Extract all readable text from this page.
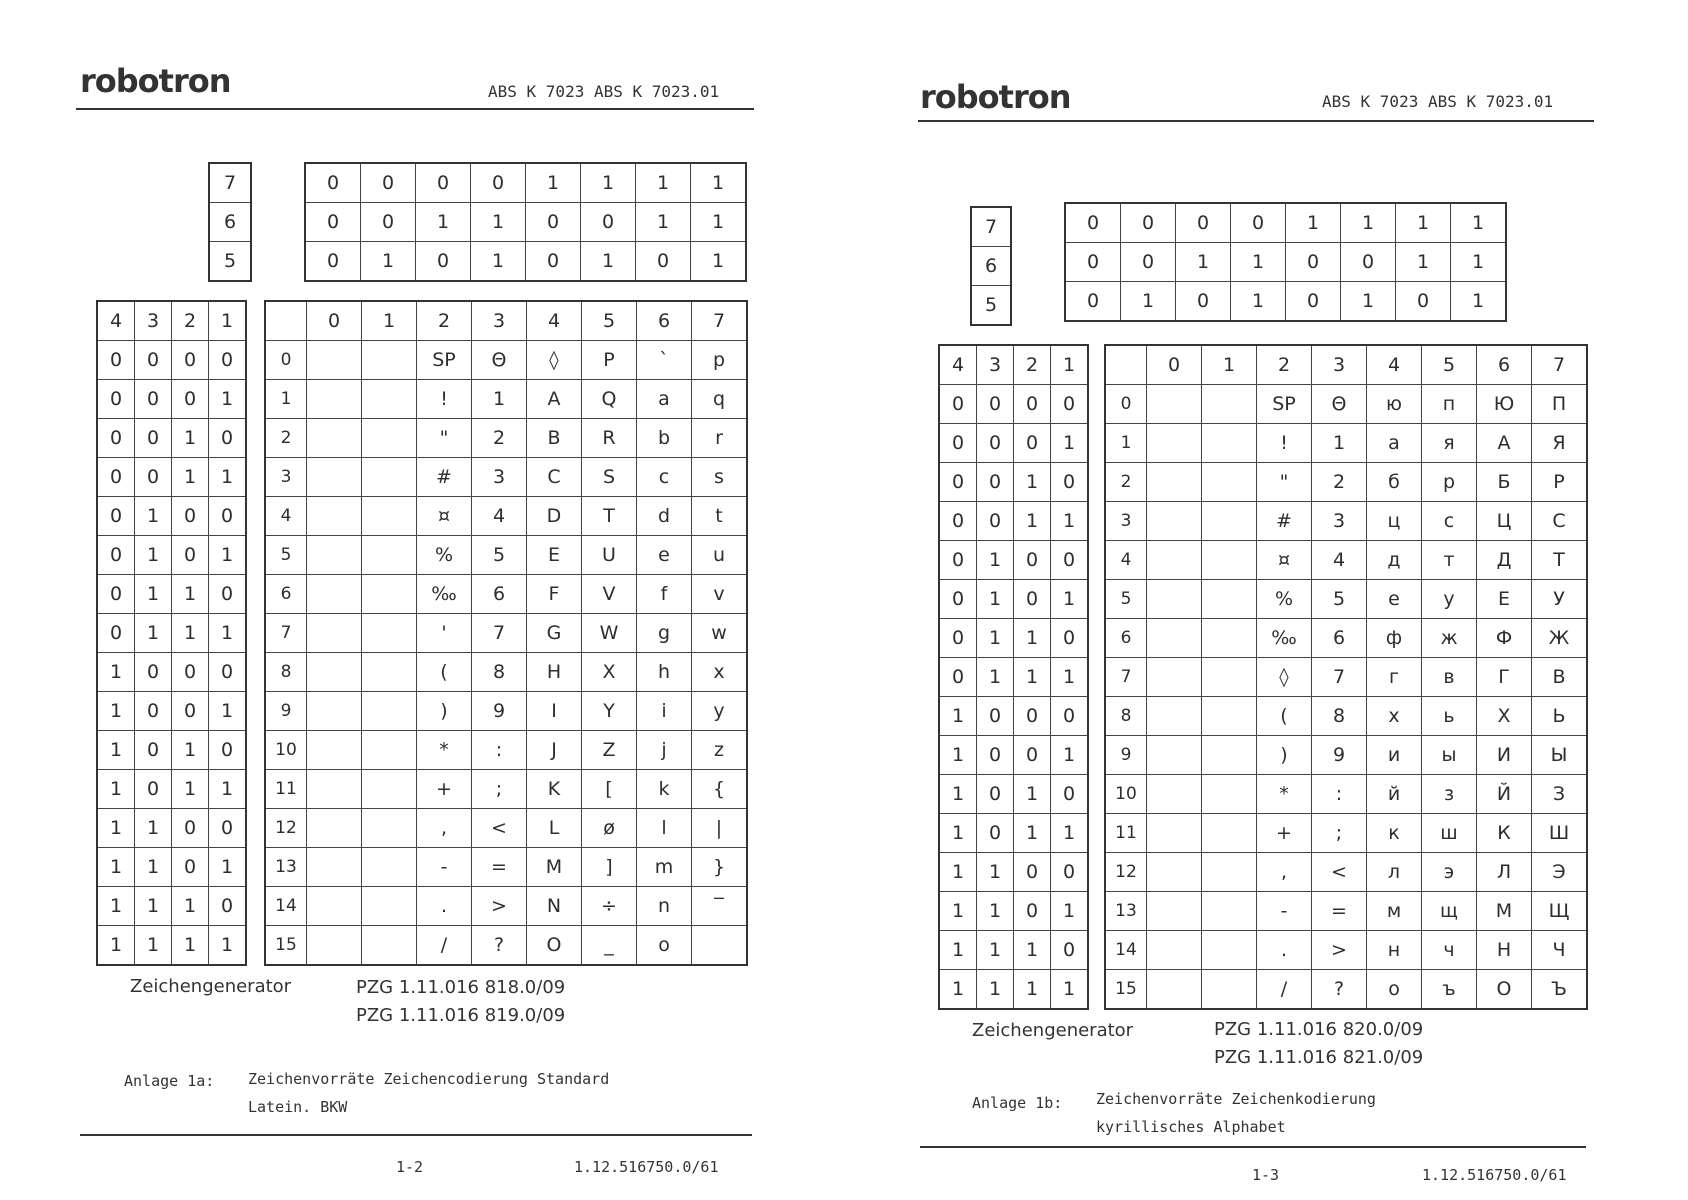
robotron	ABS K 7023 ABS K 7023.01
7
6
5
0	0	0	0	1	1	1	1
0	0	1	1	0	0	1	1
0	1	0	1	0	1	0	1
4	3	2	1
0	0	0	0
0	0	0	1
0	0	1	0
0	0	1	1
0	1	0	0
0	1	0	1
0	1	1	0
0	1	1	1
1	0	0	0
1	0	0	1
1	0	1	0
1	0	1	1
1	1	0	0
1	1	0	1
1	1	1	0
1	1	1	1
	0	1	2	3	4	5	6	7
0			SP	Θ	◊	P	`	p
1			!	1	A	Q	a	q
2			"	2	B	R	b	r
3			#	3	C	S	c	s
4			¤	4	D	T	d	t
5			%	5	E	U	e	u
6			‰	6	F	V	f	v
7			'	7	G	W	g	w
8			(	8	H	X	h	x
9			)	9	I	Y	i	y
10			*	:	J	Z	j	z
11			+	;	K	[	k	{
12			,	<	L	ø	l	|
13			-	=	M	]	m	}
14			.	>	N	÷	n	‾
15			/	?	O	_	o	
Zeichengenerator	PZG 1.11.016 818.0/09
PZG 1.11.016 819.0/09
Anlage 1a: Zeichenvorräte Zeichencodierung Standard
Latein. BKW
1-2	1.12.516750.0/61
robotron	ABS K 7023 ABS K 7023.01
7
6
5
0	0	0	0	1	1	1	1
0	0	1	1	0	0	1	1
0	1	0	1	0	1	0	1
4	3	2	1
0	0	0	0
0	0	0	1
0	0	1	0
0	0	1	1
0	1	0	0
0	1	0	1
0	1	1	0
0	1	1	1
1	0	0	0
1	0	0	1
1	0	1	0
1	0	1	1
1	1	0	0
1	1	0	1
1	1	1	0
1	1	1	1
	0	1	2	3	4	5	6	7
0			SP	Θ	ю	п	Ю	П
1			!	1	а	я	А	Я
2			"	2	б	р	Б	Р
3			#	3	ц	с	Ц	С
4			¤	4	д	т	Д	Т
5			%	5	е	у	Е	У
6			‰	6	ф	ж	Ф	Ж
7			◊	7	г	в	Г	В
8			(	8	х	ь	Х	Ь
9			)	9	и	ы	И	Ы
10			*	:	й	з	Й	З
11			+	;	к	ш	К	Ш
12			,	<	л	э	Л	Э
13			-	=	м	щ	М	Щ
14			.	>	н	ч	Н	Ч
15			/	?	о	ъ	О	Ъ
Zeichengenerator	PZG 1.11.016 820.0/09
PZG 1.11.016 821.0/09
Anlage 1b: Zeichenvorräte Zeichenkodierung
kyrillisches Alphabet
1-3	1.12.516750.0/61
